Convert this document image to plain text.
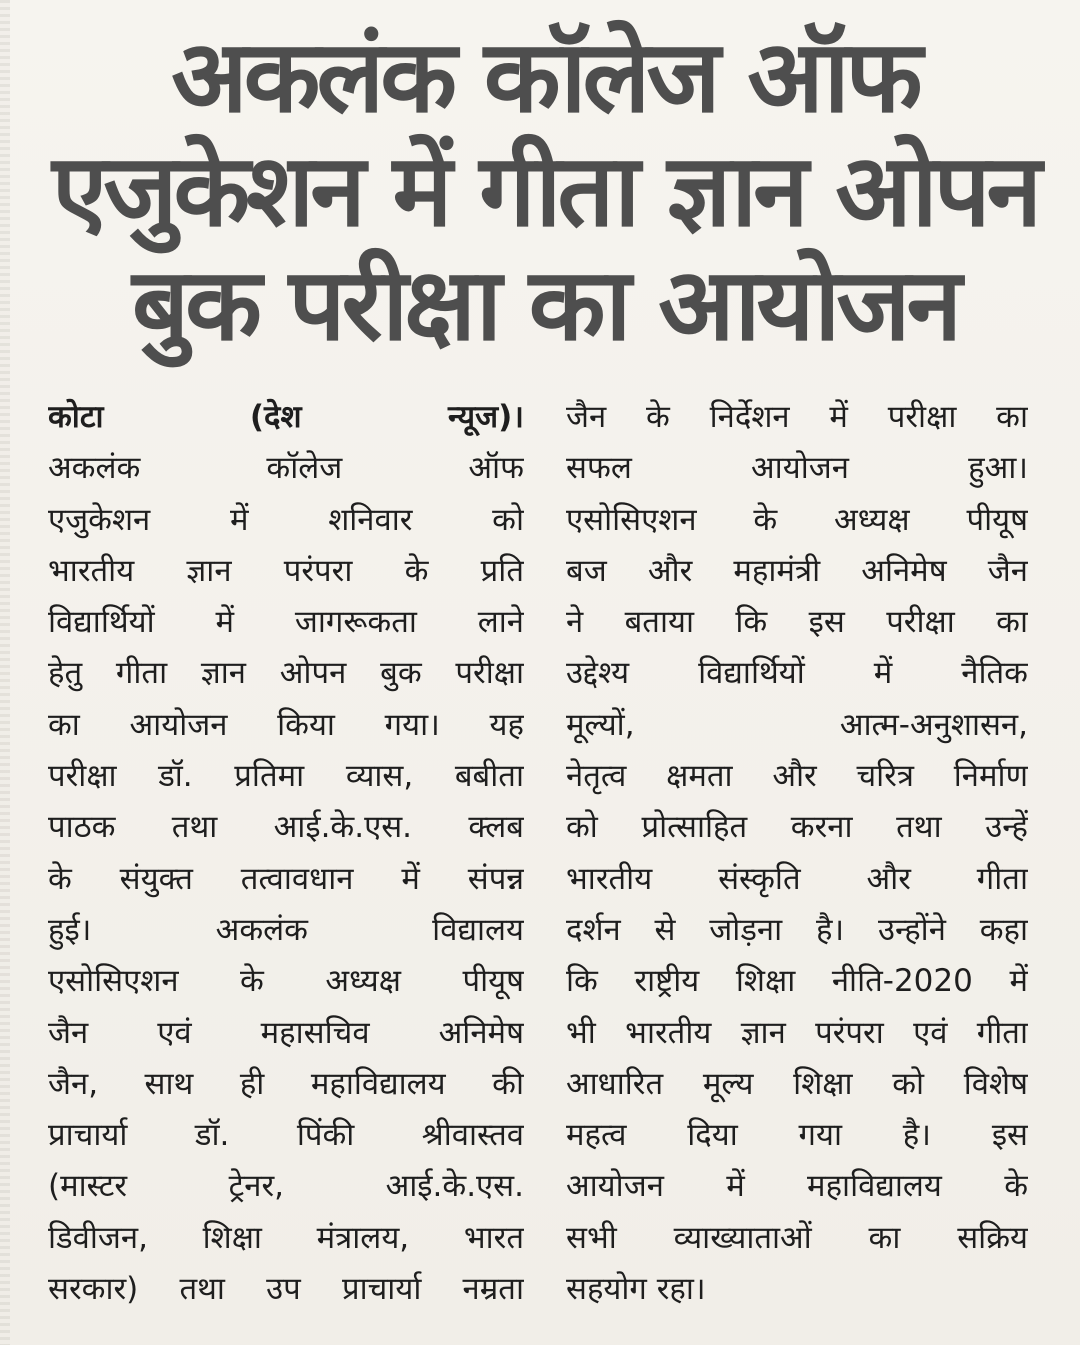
अकलंक कॉलेज ऑफ
एजुकेशन में गीता ज्ञान ओपन
बुक परीक्षा का आयोजन
कोटा (देश न्यूज)।
अकलंक कॉलेज ऑफ
एजुकेशन में शनिवार को
भारतीय ज्ञान परंपरा के प्रति
विद्यार्थियों में जागरूकता लाने
हेतु गीता ज्ञान ओपन बुक परीक्षा
का आयोजन किया गया। यह
परीक्षा डॉ. प्रतिमा व्यास, बबीता
पाठक तथा आई.के.एस. क्लब
के संयुक्त तत्वावधान में संपन्न
हुई। अकलंक विद्यालय
एसोसिएशन के अध्यक्ष पीयूष
जैन एवं महासचिव अनिमेष
जैन, साथ ही महाविद्यालय की
प्राचार्या डॉ. पिंकी श्रीवास्तव
(मास्टर ट्रेनर, आई.के.एस.
डिवीजन, शिक्षा मंत्रालय, भारत
सरकार) तथा उप प्राचार्या नम्रता
जैन के निर्देशन में परीक्षा का
सफल आयोजन हुआ।
एसोसिएशन के अध्यक्ष पीयूष
बज और महामंत्री अनिमेष जैन
ने बताया कि इस परीक्षा का
उद्देश्य विद्यार्थियों में नैतिक
मूल्यों, आत्म-अनुशासन,
नेतृत्व क्षमता और चरित्र निर्माण
को प्रोत्साहित करना तथा उन्हें
भारतीय संस्कृति और गीता
दर्शन से जोड़ना है। उन्होंने कहा
कि राष्ट्रीय शिक्षा नीति-2020 में
भी भारतीय ज्ञान परंपरा एवं गीता
आधारित मूल्य शिक्षा को विशेष
महत्व दिया गया है। इस
आयोजन में महाविद्यालय के
सभी व्याख्याताओं का सक्रिय
सहयोग रहा।
